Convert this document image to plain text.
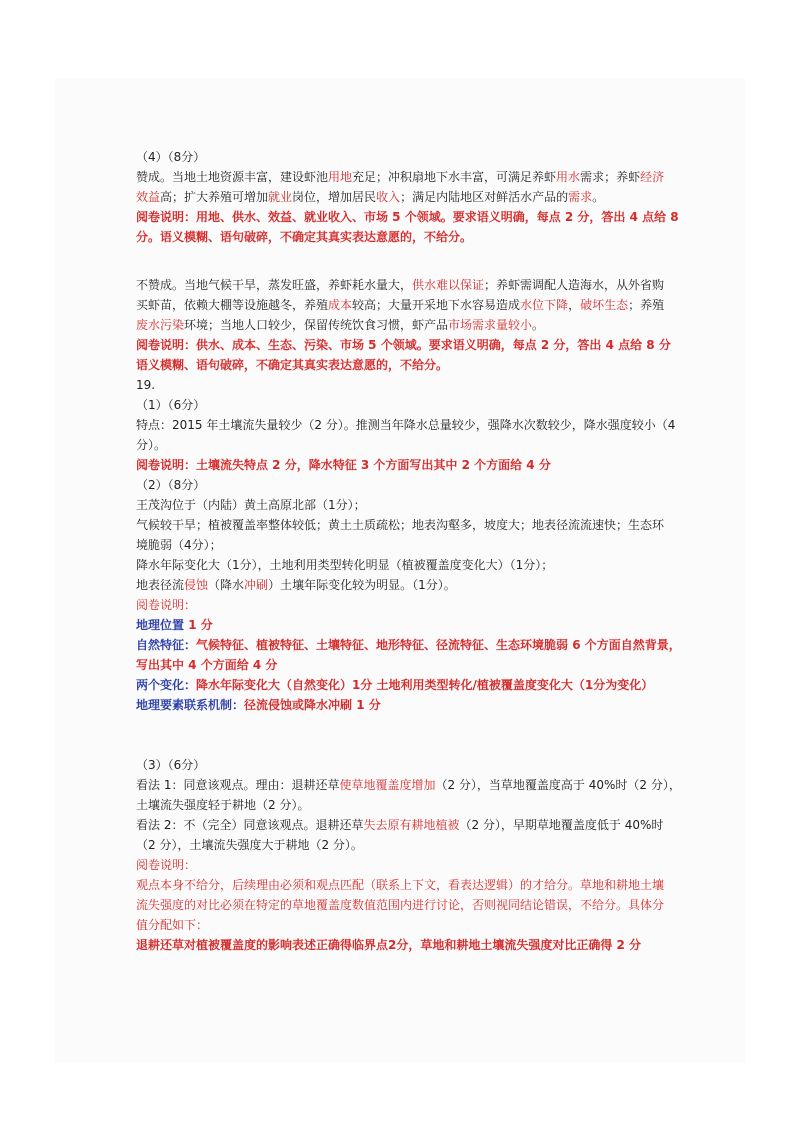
（4）（8分）
赞成。当地土地资源丰富，建设虾池用地充足；冲积扇地下水丰富，可满足养虾用水需求；养虾经济
效益高；扩大养殖可增加就业岗位，增加居民收入；满足内陆地区对鲜活水产品的需求。
阅卷说明：用地、供水、效益、就业收入、市场 5 个领域。要求语义明确，每点 2 分，答出 4 点给 8
分。语义模糊、语句破碎，不确定其真实表达意愿的，不给分。
不赞成。当地气候干旱，蒸发旺盛，养虾耗水量大，供水难以保证；养虾需调配人造海水，从外省购
买虾苗，依赖大棚等设施越冬，养殖成本较高；大量开采地下水容易造成水位下降，破坏生态；养殖
废水污染环境；当地人口较少，保留传统饮食习惯，虾产品市场需求量较小。
阅卷说明：供水、成本、生态、污染、市场 5 个领域。要求语义明确，每点 2 分，答出 4 点给 8 分
语义模糊、语句破碎，不确定其真实表达意愿的，不给分。
19.
（1）（6分）
特点：2015 年土壤流失量较少（2 分）。推测当年降水总量较少，强降水次数较少，降水强度较小（4
分）。
阅卷说明：土壤流失特点 2 分，降水特征 3 个方面写出其中 2 个方面给 4 分
（2）（8分）
王茂沟位于（内陆）黄土高原北部（1分）；
气候较干旱；植被覆盖率整体较低；黄土土质疏松；地表沟壑多，坡度大；地表径流流速快；生态环
境脆弱（4分）；
降水年际变化大（1分），土地利用类型转化明显（植被覆盖度变化大）（1分）；
地表径流侵蚀（降水冲刷）土壤年际变化较为明显。（1分）。
阅卷说明：
地理位置 1 分
自然特征：气候特征、植被特征、土壤特征、地形特征、径流特征、生态环境脆弱 6 个方面自然背景，
写出其中 4 个方面给 4 分
两个变化：降水年际变化大（自然变化）1分 土地利用类型转化/植被覆盖度变化大（1分为变化）
地理要素联系机制：径流侵蚀或降水冲刷 1 分
（3）（6分）
看法 1：同意该观点。理由：退耕还草使草地覆盖度增加（2 分），当草地覆盖度高于 40%时（2 分），
土壤流失强度轻于耕地（2 分）。
看法 2：不（完全）同意该观点。退耕还草失去原有耕地植被（2 分），早期草地覆盖度低于 40%时
（2 分），土壤流失强度大于耕地（2 分）。
阅卷说明：
观点本身不给分，后续理由必须和观点匹配（联系上下文，看表达逻辑）的才给分。草地和耕地土壤
流失强度的对比必须在特定的草地覆盖度数值范围内进行讨论，否则视同结论错误，不给分。具体分
值分配如下：
退耕还草对植被覆盖度的影响表述正确得临界点2分，草地和耕地土壤流失强度对比正确得 2 分
